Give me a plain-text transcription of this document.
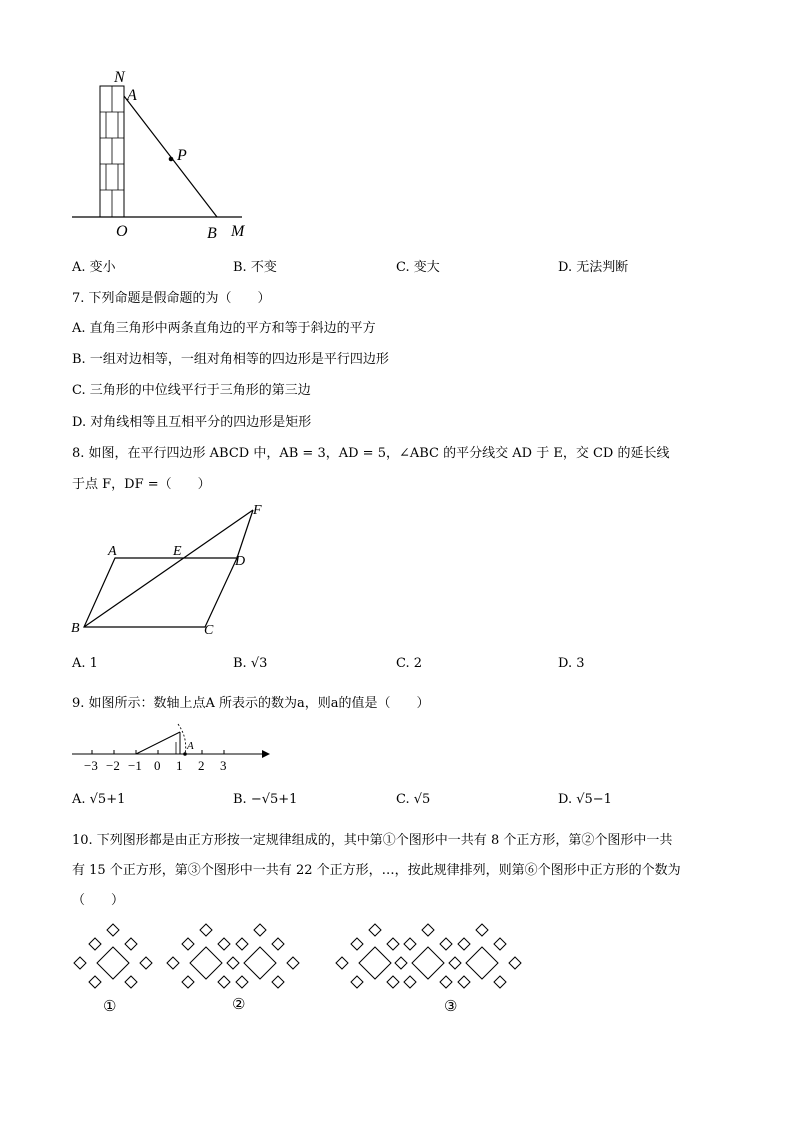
N
A
P
O	B M
A. 变小	B. 不变	C. 变大	D. 无法判断
7. 下列命题是假命题的为（　　）
A. 直角三角形中两条直角边的平方和等于斜边的平方
B. 一组对边相等，一组对角相等的四边形是平行四边形
C. 三角形的中位线平行于三角形的第三边
D. 对角线相等且互相平分的四边形是矩形
8. 如图，在平行四边形 ABCD 中，AB = 3，AD = 5，∠ABC 的平分线交 AD 于 E，交 CD 的延长线
于点 F，DF =（　　）
A	E
D
F
B	C
A. 1	B. √3	C. 2	D. 3
9. 如图所示：数轴上点A 所表示的数为a，则a的值是（　　）
A
−3 −2 −1 0 1 2 3
A. √5+1	B. −√5+1	C. √5	D. √5−1
10. 下列图形都是由正方形按一定规律组成的，其中第①个图形中一共有 8 个正方形，第②个图形中一共
有 15 个正方形，第③个图形中一共有 22 个正方形，…，按此规律排列，则第⑥个图形中正方形的个数为
（　　）
①	②	③
